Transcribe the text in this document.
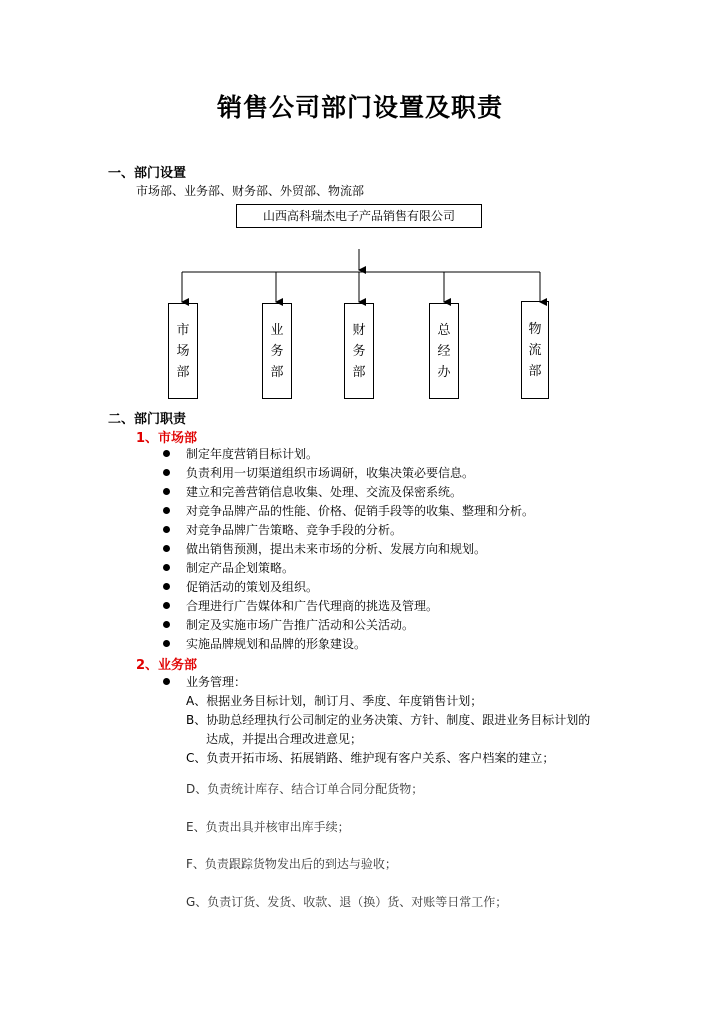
销售公司部门设置及职责
一、部门设置
市场部、业务部、财务部、外贸部、物流部
山西高科瑞杰电子产品销售有限公司
市场部
业务部
财务部
总经办
物流部
二、部门职责
1、市场部
制定年度营销目标计划。
负责利用一切渠道组织市场调研，收集决策必要信息。
建立和完善营销信息收集、处理、交流及保密系统。
对竞争品牌产品的性能、价格、促销手段等的收集、整理和分析。
对竞争品牌广告策略、竞争手段的分析。
做出销售预测，提出未来市场的分析、发展方向和规划。
制定产品企划策略。
促销活动的策划及组织。
合理进行广告媒体和广告代理商的挑选及管理。
制定及实施市场广告推广活动和公关活动。
实施品牌规划和品牌的形象建设。
2、业务部
业务管理：
A、根据业务目标计划，制订月、季度、年度销售计划；
B、协助总经理执行公司制定的业务决策、方针、制度、跟进业务目标计划的
达成，并提出合理改进意见；
C、负责开拓市场、拓展销路、维护现有客户关系、客户档案的建立；
D、负责统计库存、结合订单合同分配货物；
E、负责出具并核审出库手续；
F、负责跟踪货物发出后的到达与验收；
G、负责订货、发货、收款、退（换）货、对账等日常工作；
